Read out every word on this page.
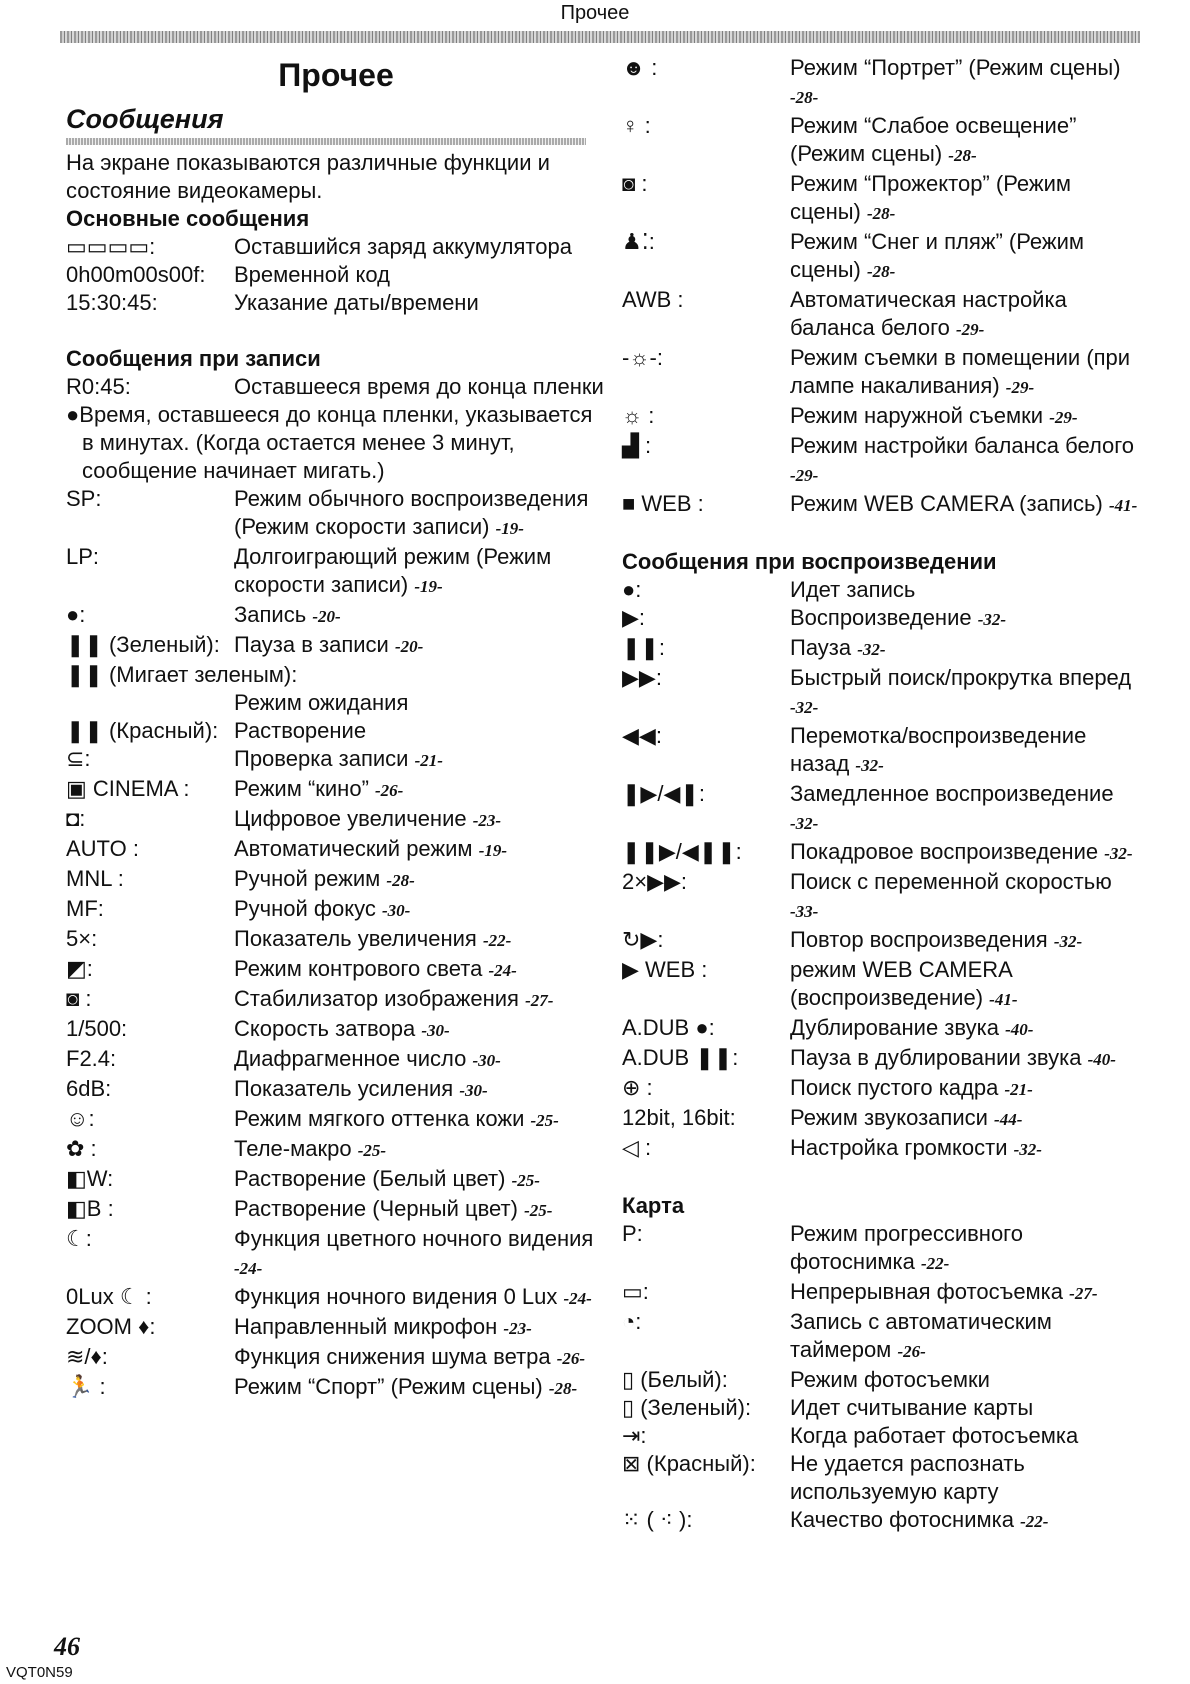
Прочее
Прочее
Сообщения
На экране показываются различные функции и состояние видеокамеры.
Основные сообщения
▭▭▭▭:	Оставшийся заряд аккумулятора
0h00m00s00f:	Временной код
15:30:45:	Указание даты/времени
Сообщения при записи
R0:45:	Оставшееся время до конца пленки
●Время, оставшееся до конца пленки, указывается в минутах. (Когда остается менее 3 минут, сообщение начинает мигать.)
SP:	Режим обычного воспроизведения (Режим скорости записи) -19-
LP:	Долгоиграющий режим (Режим скорости записи) -19-
●:	Запись -20-
❚❚ (Зеленый): Пауза в записи -20-
❚❚ (Мигает зеленым):
Режим ожидания
❚❚ (Красный): Растворение
⊆:	Проверка записи -21-
▣ CINEMA :	Режим “кино” -26-
◘:	Цифровое увеличение -23-
AUTO :	Автоматический режим -19-
MNL :	Ручной режим -28-
MF:	Ручной фокус -30-
5×:	Показатель увеличения -22-
◩:	Режим контрового света -24-
◙ :	Стабилизатор изображения -27-
1/500:	Скорость затвора -30-
F2.4:	Диафрагменное число -30-
6dB:	Показатель усиления -30-
☺:	Режим мягкого оттенка кожи -25-
✿ :	Теле-макро -25-
◧W:	Растворение (Белый цвет) -25-
◧B :	Растворение (Черный цвет) -25-
☾:	Функция цветного ночного видения -24-
0Lux ☾ :	Функция ночного видения 0 Lux -24-
ZOOM ♦:	Направленный микрофон -23-
≋/♦:	Функция снижения шума ветра -26-
🏃 :	Режим “Спорт” (Режим сцены) -28-
☻ :	Режим “Портрет” (Режим сцены) -28-
♀ :	Режим “Слабое освещение” (Режим сцены) -28-
◙ :	Режим “Прожектор” (Режим сцены) -28-
♟⁚:	Режим “Снег и пляж” (Режим сцены) -28-
AWB :	Автоматическая настройка баланса белого -29-
-☼-:	Режим съемки в помещении (при лампе накаливания) -29-
☼ :	Режим наружной съемки -29-
▟ :	Режим настройки баланса белого -29-
■ WEB :	Режим WEB CAMERA (запись) -41-
Сообщения при воспроизведении
●:	Идет запись
▶:	Воспроизведение -32-
❚❚:	Пауза -32-
▶▶:	Быстрый поиск/прокрутка вперед -32-
◀◀:	Перемотка/воспроизведение назад -32-
❚▶/◀❚:	Замедленное воспроизведение -32-
❚❚▶/◀❚❚:	Покадровое воспроизведение -32-
2×▶▶:	Поиск с переменной скоростью -33-
↻▶:	Повтор воспроизведения -32-
▶ WEB :	режим WEB CAMERA (воспроизведение) -41-
A.DUB ●:	Дублирование звука -40-
A.DUB ❚❚:	Пауза в дублировании звука -40-
⊕ :	Поиск пустого кадра -21-
12bit, 16bit:	Режим звукозаписи -44-
◁ :	Настройка громкости -32-
Карта
P:	Режим прогрессивного фотоснимка -22-
▭:	Непрерывная фотосъемка -27-
◔:	Запись с автоматическим таймером -26-
▯ (Белый):	Режим фотосъемки
▯ (Зеленый):	Идет считывание карты
⇥:	Когда работает фотосъемка
⊠ (Красный):	Не удается распознать используемую карту
⁙ ( ⁖ ):	Качество фотоснимка -22-
46
VQT0N59
